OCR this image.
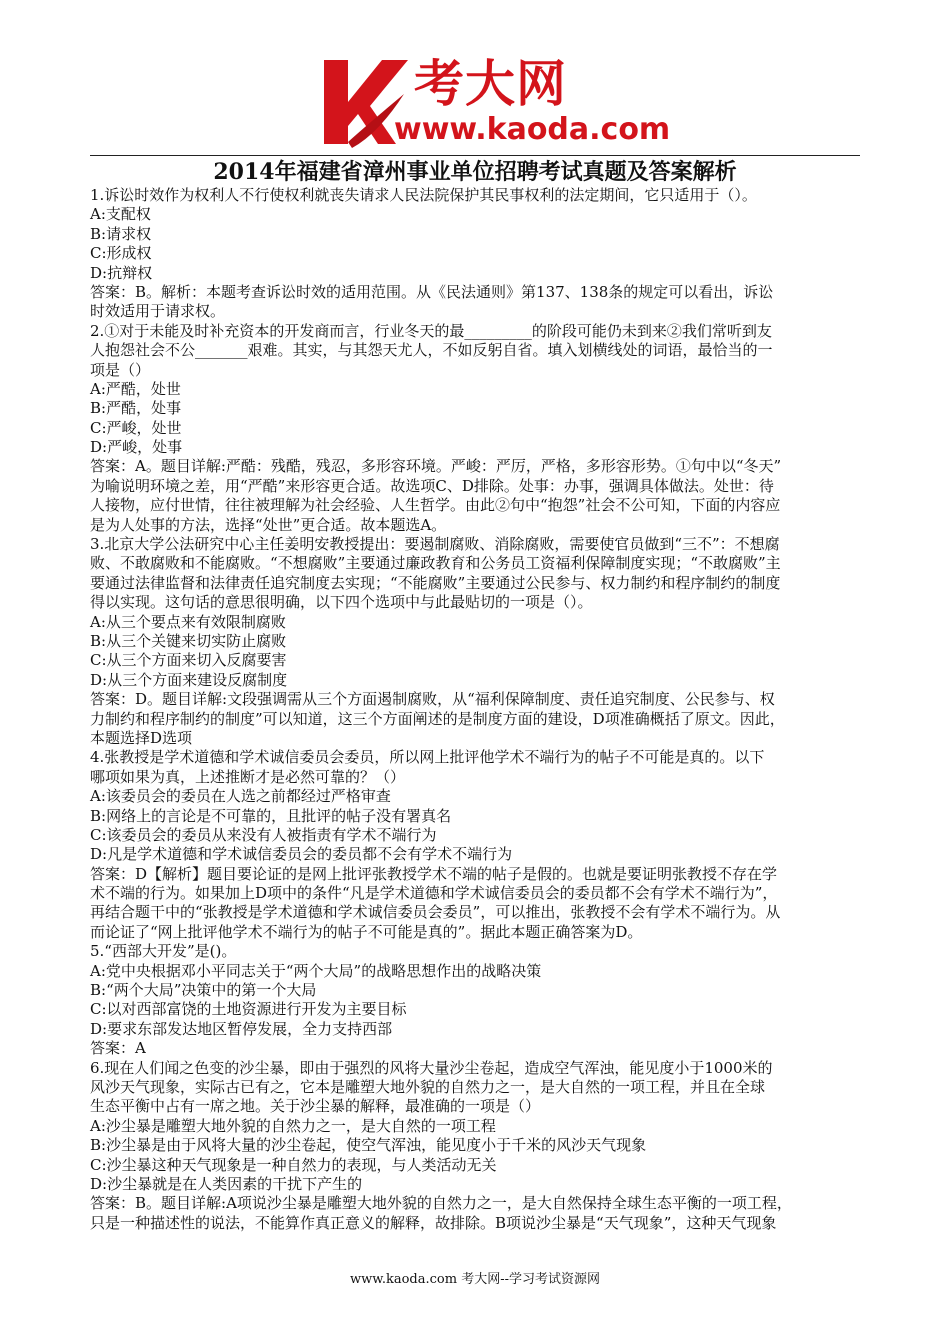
考大网
www.kaoda.com
2014年福建省漳州事业单位招聘考试真题及答案解析
1.诉讼时效作为权利人不行使权利就丧失请求人民法院保护其民事权利的法定期间，它只适用于（）。
A:支配权
B:请求权
C:形成权
D:抗辩权
答案：B。解析：本题考查诉讼时效的适用范围。从《民法通则》第137、138条的规定可以看出，诉讼
时效适用于请求权。
2.①对于未能及时补充资本的开发商而言，行业冬天的最_________的阶段可能仍未到来②我们常听到友
人抱怨社会不公_______艰难。其实，与其怨天尤人，不如反躬自省。填入划横线处的词语，最恰当的一
项是（）
A:严酷，处世
B:严酷，处事
C:严峻，处世
D:严峻，处事
答案：A。题目详解:严酷：残酷，残忍，多形容环境。严峻：严厉，严格，多形容形势。①句中以“冬天”
为喻说明环境之差，用“严酷”来形容更合适。故选项C、D排除。处事：办事，强调具体做法。处世：待
人接物，应付世情，往往被理解为社会经验、人生哲学。由此②句中“抱怨”社会不公可知，下面的内容应
是为人处事的方法，选择“处世”更合适。故本题选A。
3.北京大学公法研究中心主任姜明安教授提出：要遏制腐败、消除腐败，需要使官员做到“三不”：不想腐
败、不敢腐败和不能腐败。“不想腐败”主要通过廉政教育和公务员工资福利保障制度实现；“不敢腐败”主
要通过法律监督和法律责任追究制度去实现；“不能腐败”主要通过公民参与、权力制约和程序制约的制度
得以实现。这句话的意思很明确，以下四个选项中与此最贴切的一项是（）。
A:从三个要点来有效限制腐败
B:从三个关键来切实防止腐败
C:从三个方面来切入反腐要害
D:从三个方面来建设反腐制度
答案：D。题目详解:文段强调需从三个方面遏制腐败，从“福利保障制度、责任追究制度、公民参与、权
力制约和程序制约的制度”可以知道，这三个方面阐述的是制度方面的建设，D项准确概括了原文。因此，
本题选择D选项
4.张教授是学术道德和学术诚信委员会委员，所以网上批评他学术不端行为的帖子不可能是真的。以下
哪项如果为真，上述推断才是必然可靠的？（）
A:该委员会的委员在人选之前都经过严格审查
B:网络上的言论是不可靠的，且批评的帖子没有署真名
C:该委员会的委员从来没有人被指责有学术不端行为
D:凡是学术道德和学术诚信委员会的委员都不会有学术不端行为
答案：D【解析】题目要论证的是网上批评张教授学术不端的帖子是假的。也就是要证明张教授不存在学
术不端的行为。如果加上D项中的条件“凡是学术道德和学术诚信委员会的委员都不会有学术不端行为”，
再结合题干中的“张教授是学术道德和学术诚信委员会委员”，可以推出，张教授不会有学术不端行为。从
而论证了“网上批评他学术不端行为的帖子不可能是真的”。据此本题正确答案为D。
5.“西部大开发”是()。
A:党中央根据邓小平同志关于“两个大局”的战略思想作出的战略决策
B:“两个大局”决策中的第一个大局
C:以对西部富饶的土地资源进行开发为主要目标
D:要求东部发达地区暂停发展，全力支持西部
答案：A
6.现在人们闻之色变的沙尘暴，即由于强烈的风将大量沙尘卷起，造成空气浑浊，能见度小于1000米的
风沙天气现象，实际古已有之，它本是雕塑大地外貌的自然力之一，是大自然的一项工程，并且在全球
生态平衡中占有一席之地。关于沙尘暴的解释，最准确的一项是（）
A:沙尘暴是雕塑大地外貌的自然力之一，是大自然的一项工程
B:沙尘暴是由于风将大量的沙尘卷起，使空气浑浊，能见度小于千米的风沙天气现象
C:沙尘暴这种天气现象是一种自然力的表现，与人类活动无关
D:沙尘暴就是在人类因素的干扰下产生的
答案：B。题目详解:A项说沙尘暴是雕塑大地外貌的自然力之一，是大自然保持全球生态平衡的一项工程，
只是一种描述性的说法，不能算作真正意义的解释，故排除。B项说沙尘暴是“天气现象”，这种天气现象
www.kaoda.com 考大网--学习考试资源网
